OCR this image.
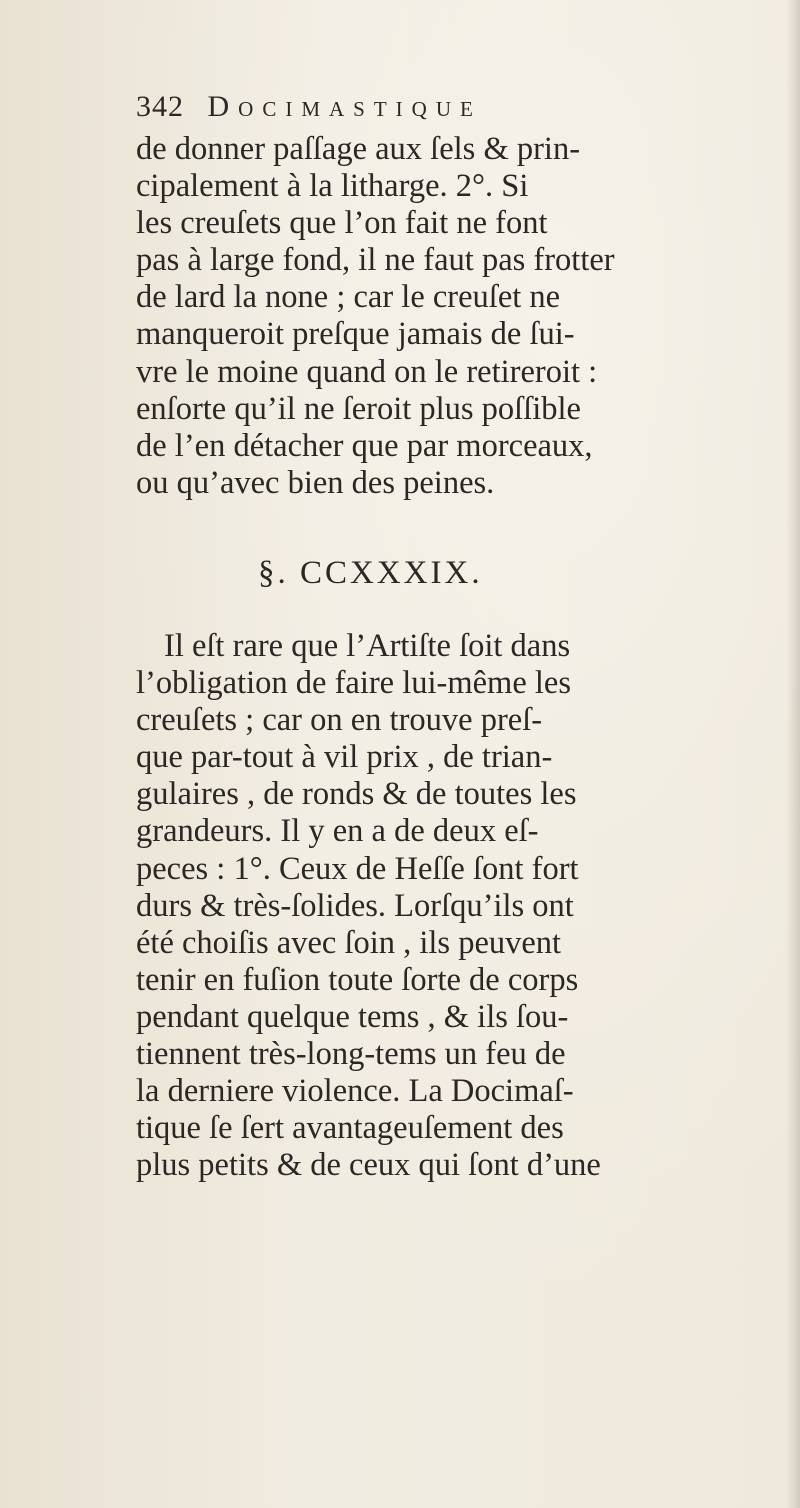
342 Docimastique
de donner paſſage aux ſels & prin-
cipalement à la litharge. 2°. Si
les creuſets que l’on fait ne font
pas à large fond, il ne faut pas frotter
de lard la none ; car le creuſet ne
manqueroit preſque jamais de ſui-
vre le moine quand on le retireroit :
enſorte qu’il ne ſeroit plus poſſible
de l’en détacher que par morceaux,
ou qu’avec bien des peines.
§. CCXXXIX.
Il eſt rare que l’Artiſte ſoit dans
l’obligation de faire lui-même les
creuſets ; car on en trouve preſ-
que par-tout à vil prix , de trian-
gulaires , de ronds & de toutes les
grandeurs. Il y en a de deux eſ-
peces : 1°. Ceux de Heſſe ſont fort
durs & très-ſolides. Lorſqu’ils ont
été choiſis avec ſoin , ils peuvent
tenir en fuſion toute ſorte de corps
pendant quelque tems , & ils ſou-
tiennent très-long-tems un feu de
la derniere violence. La Docimaſ-
tique ſe ſert avantageuſement des
plus petits & de ceux qui ſont d’une
